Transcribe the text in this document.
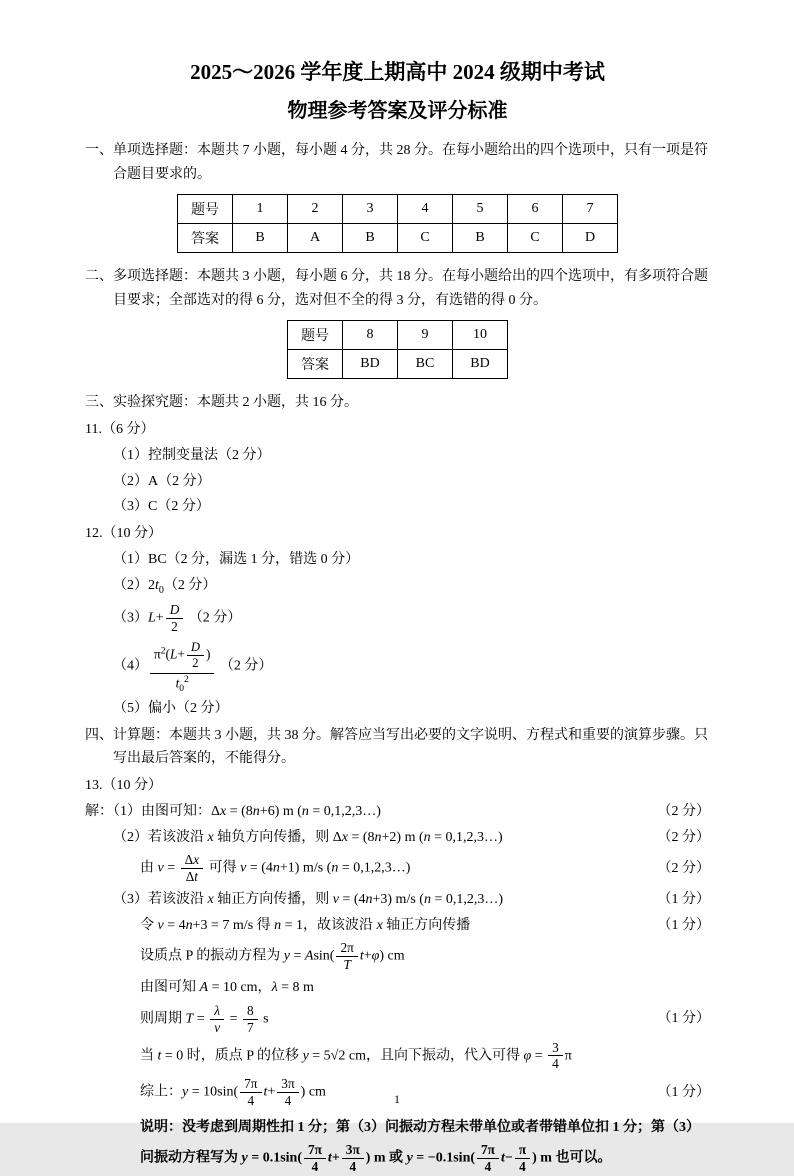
2025～2026 学年度上期高中 2024 级期中考试
物理参考答案及评分标准

一、单项选择题：本题共 7 小题，每小题 4 分，共 28 分。在每小题给出的四个选项中，只有一项是符合题目要求的。

题号	1	2	3	4	5	6	7
答案	B	A	B	C	B	C	D

二、多项选择题：本题共 3 小题，每小题 6 分，共 18 分。在每小题给出的四个选项中，有多项符合题目要求；全部选对的得 6 分，选对但不全的得 3 分，有选错的得 0 分。

题号	8	9	10
答案	BD	BC	BD

三、实验探究题：本题共 2 小题，共 16 分。

11.（6 分）
（1）控制变量法（2 分）
（2）A（2 分）
（3）C（2 分）
12.（10 分）
（1）BC（2 分，漏选 1 分，错选 0 分）
$(2)2t_0(2$ 分）
$(3)L+ \frac{D}{2} (2$ 分）
$(4) \frac{\pi^2(L+ \frac{D}{2} )}{t_0^2} (2$ 分）
（5）偏小（2 分）

四、计算题：本题共 3 小题，共 38 分。解答应当写出必要的文字说明、方程式和重要的演算步骤。只写出最后答案的，不能得分。

13.（10 分）
解：（1）由图可知：Δx = (8n+6) m (n = 0,1,2,3…)	（2 分）
（2）若该波沿 x 轴负方向传播，则 Δx = (8n+2) m (n = 0,1,2,3…)	（2 分）
由 $v = \frac{\Delta x}{\Delta t}$ 可得 v = (4n+1) m/s (n = 0,1,2,3…)	（2 分）
（3）若该波沿 x 轴正方向传播，则 v = (4n+3) m/s (n = 0,1,2,3…)	（1 分）
令 v = 4n+3 = 7 m/s 得 n = 1，故该波沿 x 轴正方向传播	（1 分）
设质点 P 的振动方程为 $y = Asin( \frac{2\pi}{T} t+\varphi)$ cm
由图可知 A = 10 cm，λ = 8 m
则周期 $T = \frac{\lambda}{v} = \frac{8}{7}$ s	（1 分）
当 t = 0 时，质点 P 的位移 y = 5√2 cm，且向下振动，代入可得 $\varphi = \frac{3}{4}$ π
综上：$y = 10\sin( \frac{7\pi}{4} t+ \frac{3\pi}{4}$ ) cm	（1 分）
说明：没考虑到周期性扣 1 分；第（3）问振动方程未带单位或者带错单位扣 1 分；第（3）问振动方程写为 $y = 0.1\sin( \frac{7\pi}{4} t+ \frac{3\pi}{4}$ ) m 或 $y = -0.1\sin( \frac{7\pi}{4} t- \frac{\pi}{4}$ ) m 也可以。
1
